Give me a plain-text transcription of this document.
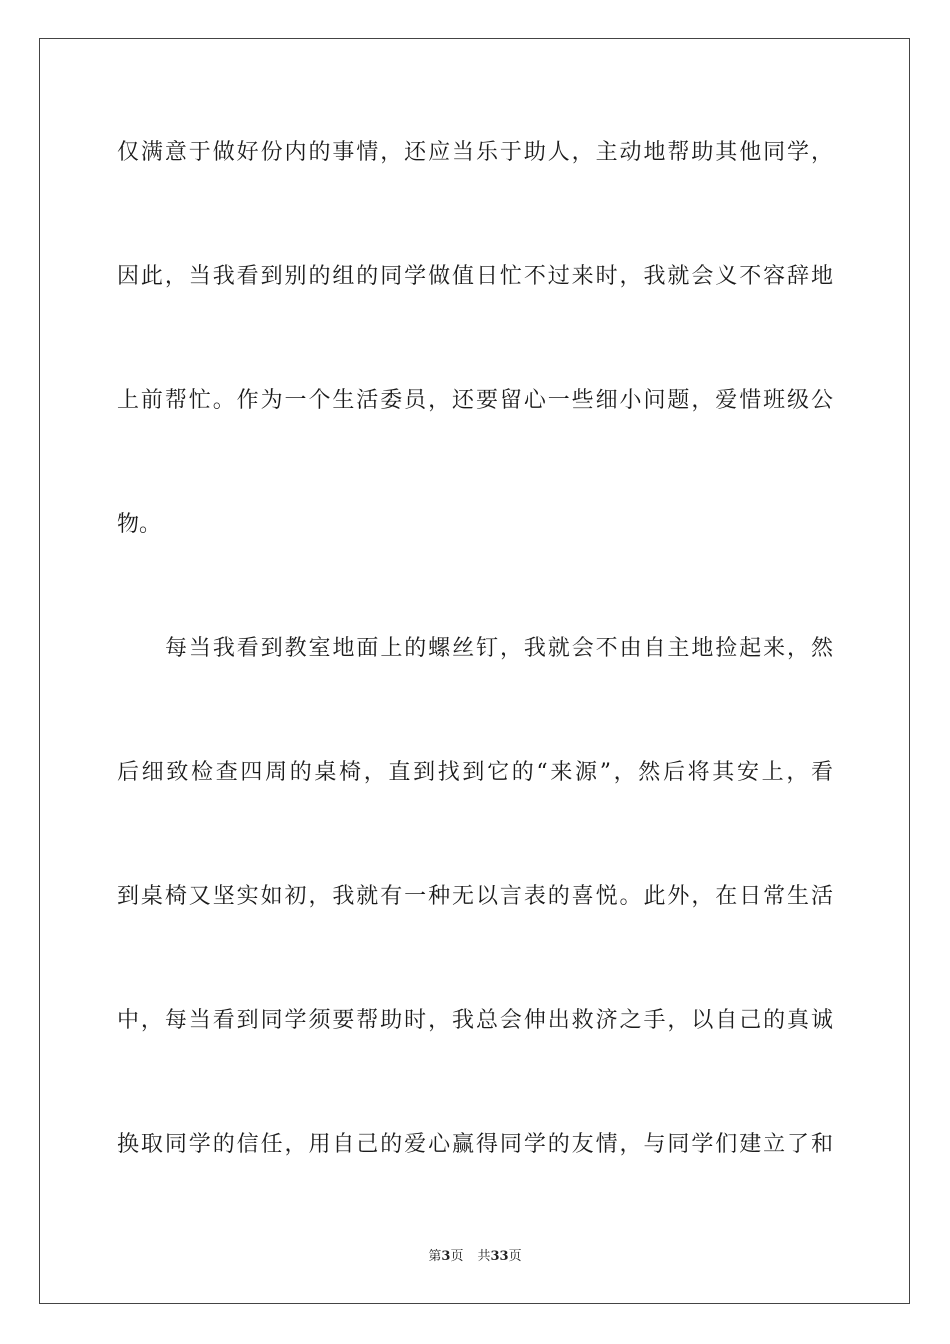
仅满意于做好份内的事情，还应当乐于助人，主动地帮助其他同学，
因此，当我看到别的组的同学做值日忙不过来时，我就会义不容辞地
上前帮忙。作为一个生活委员，还要留心一些细小问题，爱惜班级公
物。
每当我看到教室地面上的螺丝钉，我就会不由自主地捡起来，然
后细致检查四周的桌椅，直到找到它的“来源”，然后将其安上，看
到桌椅又坚实如初，我就有一种无以言表的喜悦。此外，在日常生活
中，每当看到同学须要帮助时，我总会伸出救济之手，以自己的真诚
换取同学的信任，用自己的爱心赢得同学的友情，与同学们建立了和
第3页 共33页
